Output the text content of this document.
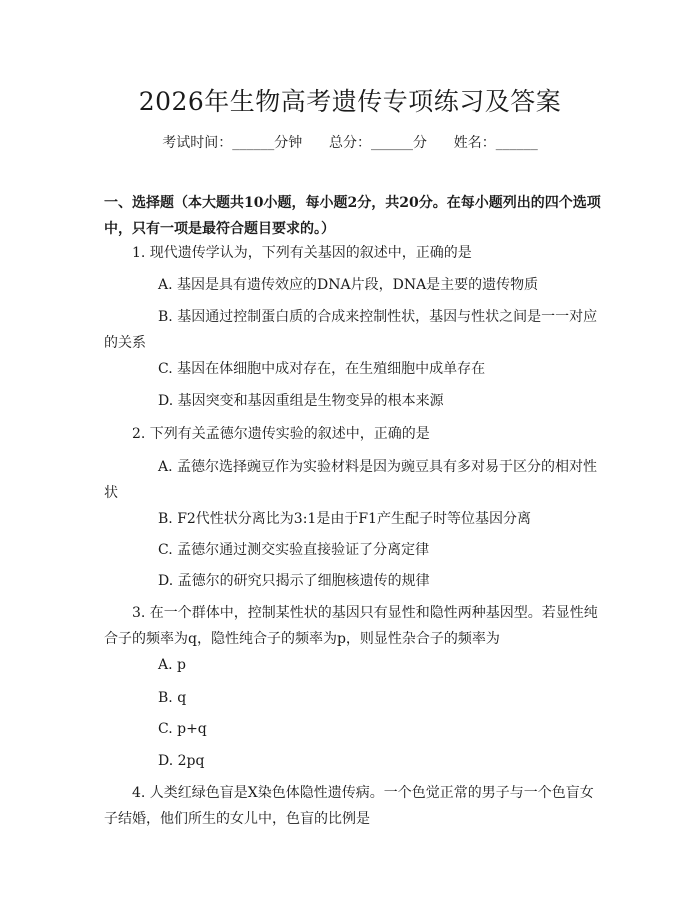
2026年生物高考遗传专项练习及答案
考试时间：______分钟      总分：______分      姓名：______
一、选择题（本大题共10小题，每小题2分，共20分。在每小题列出的四个选项中，只有一项是最符合题目要求的。）
1. 现代遗传学认为，下列有关基因的叙述中，正确的是
A. 基因是具有遗传效应的DNA片段，DNA是主要的遗传物质
B. 基因通过控制蛋白质的合成来控制性状，基因与性状之间是一一对应的关系
C. 基因在体细胞中成对存在，在生殖细胞中成单存在
D. 基因突变和基因重组是生物变异的根本来源
2. 下列有关孟德尔遗传实验的叙述中，正确的是
A. 孟德尔选择豌豆作为实验材料是因为豌豆具有多对易于区分的相对性状
B. F2代性状分离比为3:1是由于F1产生配子时等位基因分离
C. 孟德尔通过测交实验直接验证了分离定律
D. 孟德尔的研究只揭示了细胞核遗传的规律
3. 在一个群体中，控制某性状的基因只有显性和隐性两种基因型。若显性纯合子的频率为q，隐性纯合子的频率为p，则显性杂合子的频率为
A. p
B. q
C. p+q
D. 2pq
4. 人类红绿色盲是X染色体隐性遗传病。一个色觉正常的男子与一个色盲女子结婚，他们所生的女儿中，色盲的比例是
